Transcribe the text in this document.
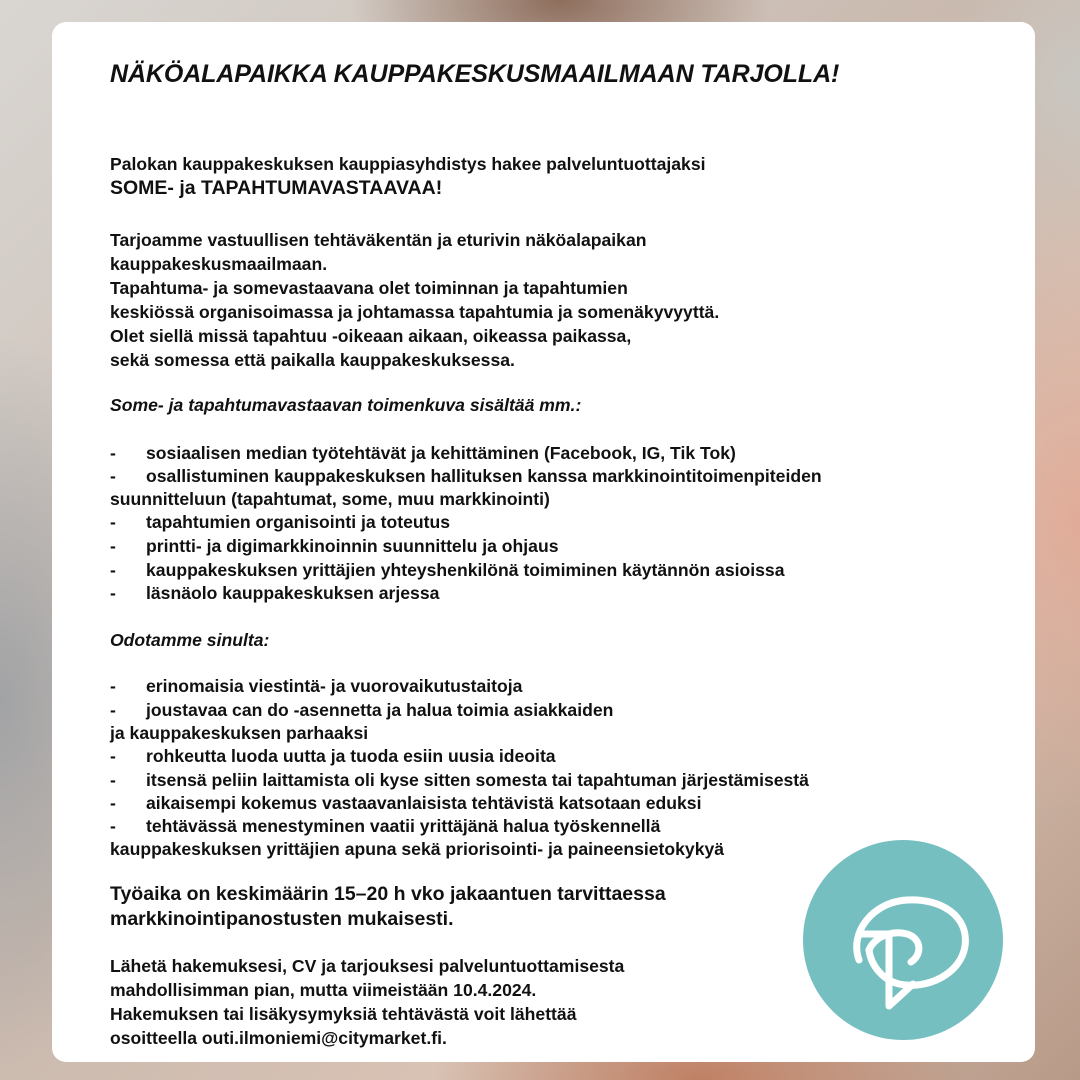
NÄKÖALAPAIKKA KAUPPAKESKUSMAAILMAAN TARJOLLA!
Palokan kauppakeskuksen kauppiasyhdistys hakee palveluntuottajaksi
SOME- ja TAPAHTUMAVASTAAVAA!
Tarjoamme vastuullisen tehtäväkentän ja eturivin näköalapaikan
kauppakeskusmaailmaan.
Tapahtuma- ja somevastaavana olet toiminnan ja tapahtumien
keskiössä organisoimassa ja johtamassa tapahtumia ja somenäkyvyyttä.
Olet siellä missä tapahtuu -oikeaan aikaan, oikeassa paikassa,
sekä somessa että paikalla kauppakeskuksessa.
Some- ja tapahtumavastaavan toimenkuva sisältää mm.:
- sosiaalisen median työtehtävät ja kehittäminen (Facebook, IG, Tik Tok)
- osallistuminen kauppakeskuksen hallituksen kanssa markkinointitoimenpiteiden
suunnitteluun (tapahtumat, some, muu markkinointi)
- tapahtumien organisointi ja toteutus
- printti- ja digimarkkinoinnin suunnittelu ja ohjaus
- kauppakeskuksen yrittäjien yhteyshenkilönä toimiminen käytännön asioissa
- läsnäolo kauppakeskuksen arjessa
Odotamme sinulta:
- erinomaisia viestintä- ja vuorovaikutustaitoja
- joustavaa can do -asennetta ja halua toimia asiakkaiden
ja kauppakeskuksen parhaaksi
- rohkeutta luoda uutta ja tuoda esiin uusia ideoita
- itsensä peliin laittamista oli kyse sitten somesta tai tapahtuman järjestämisestä
- aikaisempi kokemus vastaavanlaisista tehtävistä katsotaan eduksi
- tehtävässä menestyminen vaatii yrittäjänä halua työskennellä
kauppakeskuksen yrittäjien apuna sekä priorisointi- ja paineensietokykyä
Työaika on keskimäärin 15–20 h vko jakaantuen tarvittaessa
markkinointipanostusten mukaisesti.
Lähetä hakemuksesi, CV ja tarjouksesi palveluntuottamisesta
mahdollisimman pian, mutta viimeistään 10.4.2024.
Hakemuksen tai lisäkysymyksiä tehtävästä voit lähettää
osoitteella outi.ilmoniemi@citymarket.fi.
